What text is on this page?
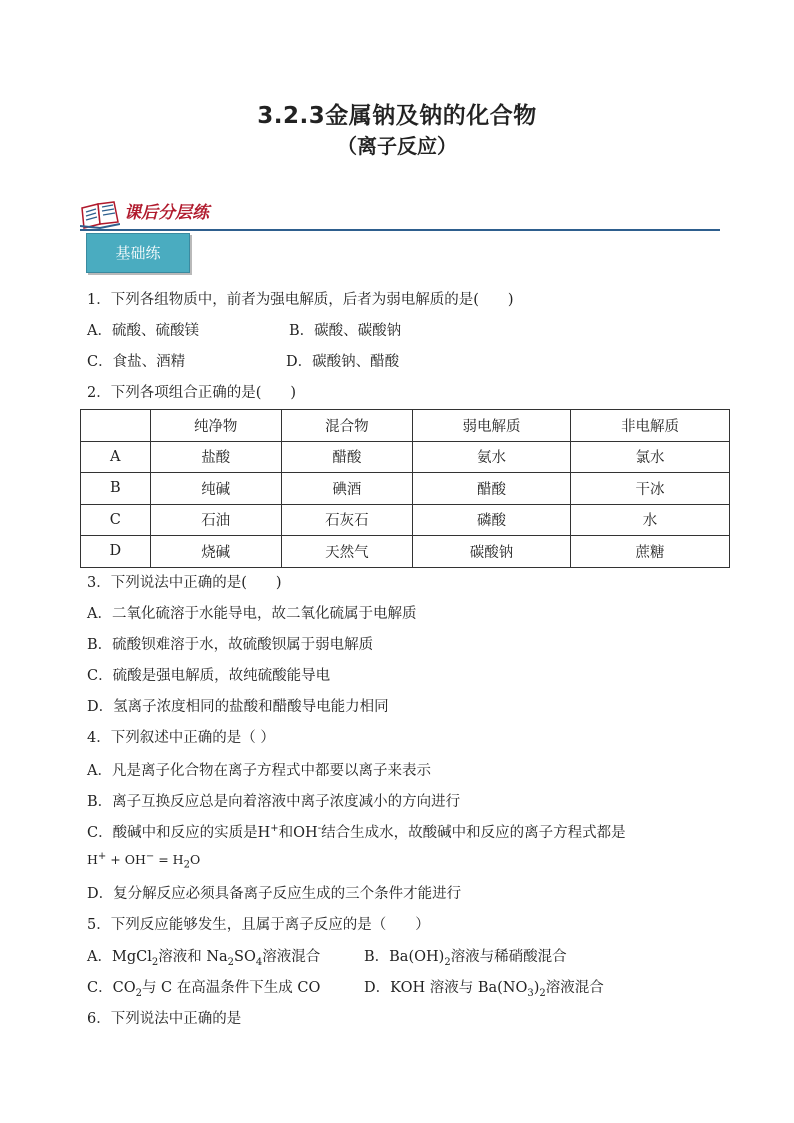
3.2.3金属钠及钠的化合物
（离子反应）
课后分层练
基础练
1．下列各组物质中，前者为强电解质，后者为弱电解质的是(　　)
A．硫酸、硫酸镁	B．碳酸、碳酸钠
C．食盐、酒精	D．碳酸钠、醋酸
2．下列各项组合正确的是(　　)
	纯净物	混合物	弱电解质	非电解质
A	盐酸	醋酸	氨水	氯水
B	纯碱	碘酒	醋酸	干冰
C	石油	石灰石	磷酸	水
D	烧碱	天然气	碳酸钠	蔗糖
3．下列说法中正确的是(　　)
A．二氧化硫溶于水能导电，故二氧化硫属于电解质
B．硫酸钡难溶于水，故硫酸钡属于弱电解质
C．硫酸是强电解质，故纯硫酸能导电
D．氢离子浓度相同的盐酸和醋酸导电能力相同
4．下列叙述中正确的是（ ）
A．凡是离子化合物在离子方程式中都要以离子来表示
B．离子互换反应总是向着溶液中离子浓度减小的方向进行
C．酸碱中和反应的实质是H+和OH-结合生成水，故酸碱中和反应的离子方程式都是
$H^+ + OH^- = H_2O$
D．复分解反应必须具备离子反应生成的三个条件才能进行
5．下列反应能够发生，且属于离子反应的是（　　）
A．MgCl$_2$溶液和 $Na_2SO_4$溶液混合	B．$Ba(OH)_2$溶液与稀硝酸混合
C．$CO_2$与 C 在高温条件下生成 CO	D．KOH 溶液与 $Ba(NO_3)_2$溶液混合
6．下列说法中正确的是
